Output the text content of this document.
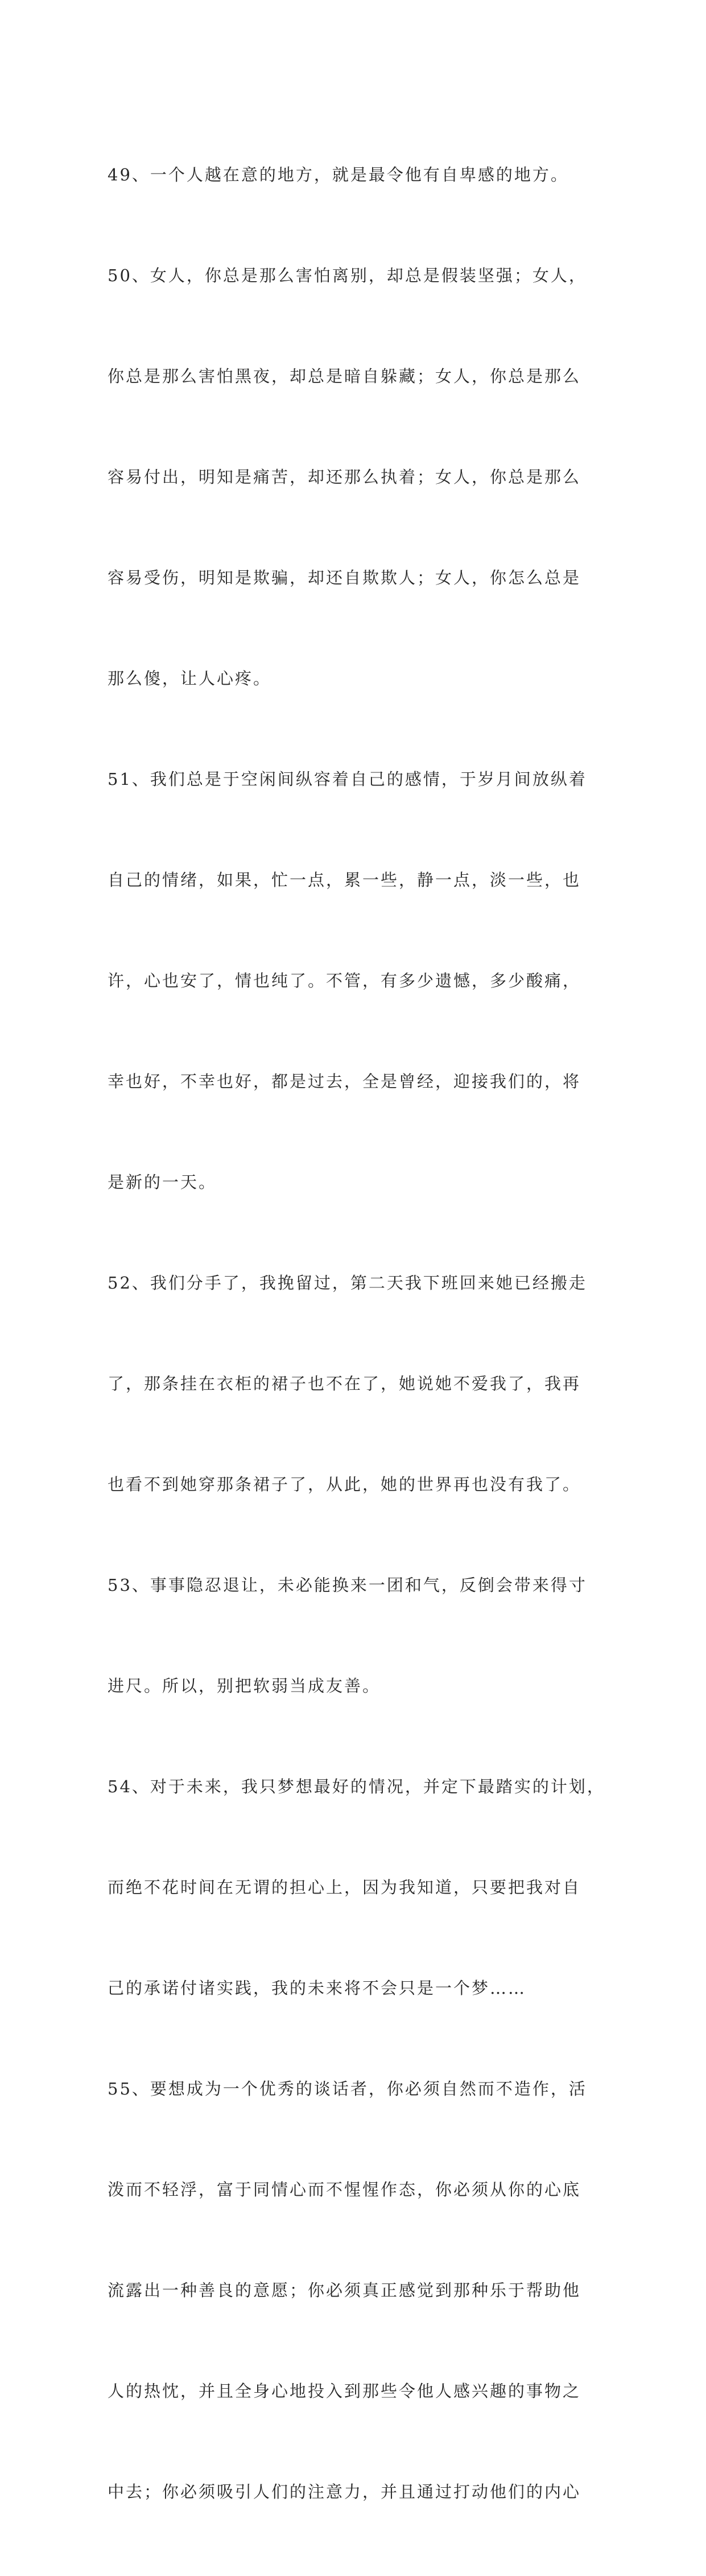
49、一个人越在意的地方，就是最令他有自卑感的地方。

50、女人，你总是那么害怕离别，却总是假装坚强；女人，

你总是那么害怕黑夜，却总是暗自躲藏；女人，你总是那么

容易付出，明知是痛苦，却还那么执着；女人，你总是那么

容易受伤，明知是欺骗，却还自欺欺人；女人，你怎么总是

那么傻，让人心疼。

51、我们总是于空闲间纵容着自己的感情，于岁月间放纵着

自己的情绪，如果，忙一点，累一些，静一点，淡一些，也

许，心也安了，情也纯了。不管，有多少遗憾，多少酸痛，

幸也好，不幸也好，都是过去，全是曾经，迎接我们的，将

是新的一天。

52、我们分手了，我挽留过，第二天我下班回来她已经搬走

了，那条挂在衣柜的裙子也不在了，她说她不爱我了，我再

也看不到她穿那条裙子了，从此，她的世界再也没有我了。

53、事事隐忍退让，未必能换来一团和气，反倒会带来得寸

进尺。所以，别把软弱当成友善。

54、对于未来，我只梦想最好的情况，并定下最踏实的计划，

而绝不花时间在无谓的担心上，因为我知道，只要把我对自

己的承诺付诸实践，我的未来将不会只是一个梦……

55、要想成为一个优秀的谈话者，你必须自然而不造作，活

泼而不轻浮，富于同情心而不惺惺作态，你必须从你的心底

流露出一种善良的意愿；你必须真正感觉到那种乐于帮助他

人的热忱，并且全身心地投入到那些令他人感兴趣的事物之

中去；你必须吸引人们的注意力，并且通过打动他们的内心
